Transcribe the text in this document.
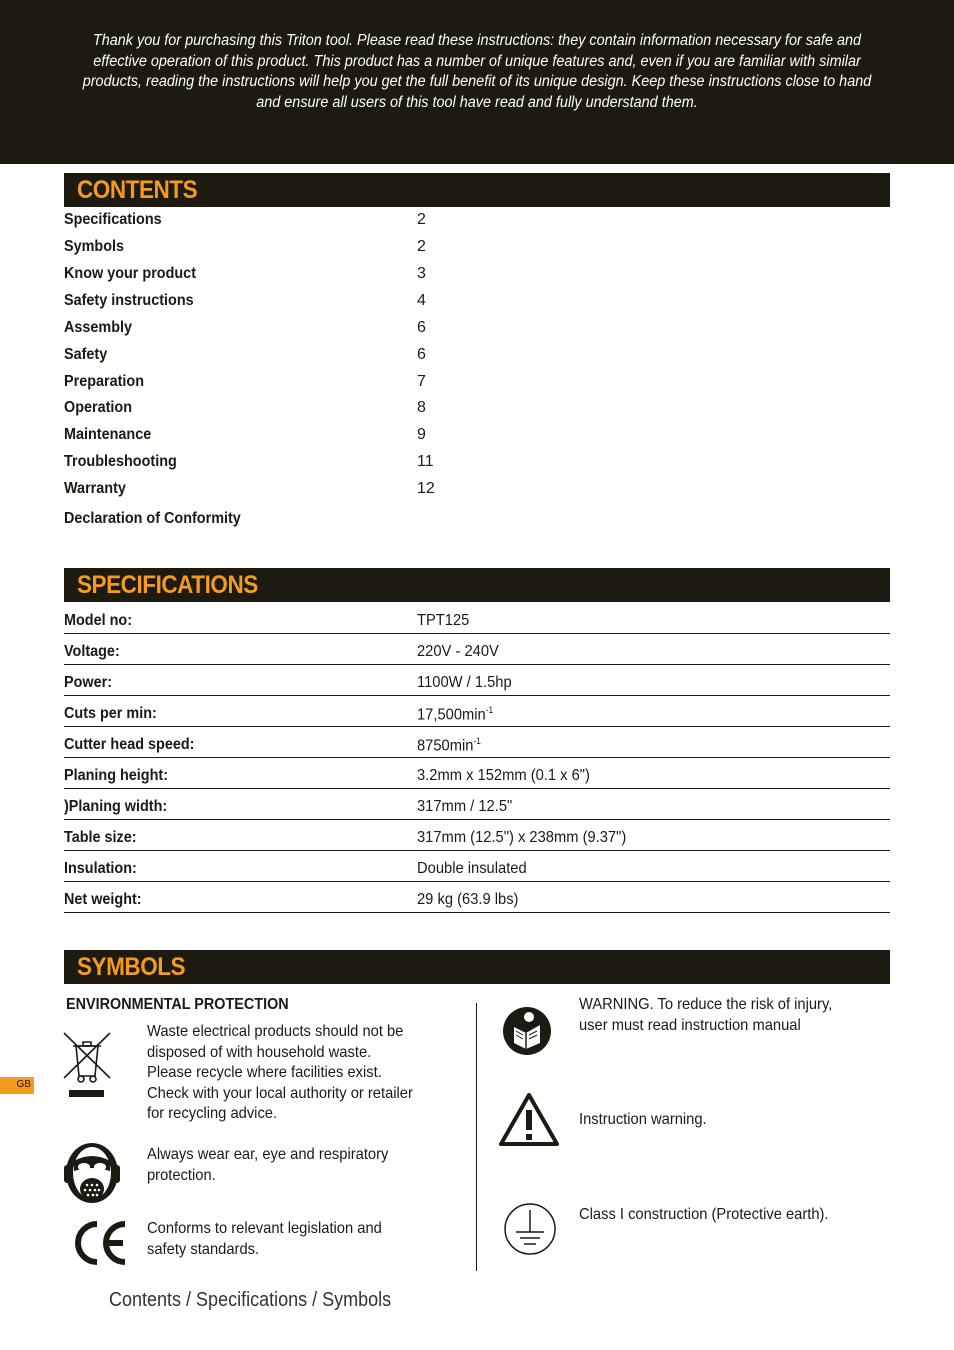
Thank you for purchasing this Triton tool. Please read these instructions: they contain information necessary for safe and effective operation of this product. This product has a number of unique features and, even if you are familiar with similar products, reading the instructions will help you get the full benefit of its unique design. Keep these instructions close to hand and ensure all users of this tool have read and fully understand them.
CONTENTS
Specifications	2
Symbols	2
Know your product	3
Safety instructions	4
Assembly	6
Safety	6
Preparation	7
Operation	8
Maintenance	9
Troubleshooting	11
Warranty	12
Declaration of Conformity
SPECIFICATIONS
Model no:	TPT125
Voltage:	220V - 240V
Power:	1100W / 1.5hp
Cuts per min:	$17,500\min^{-1}$
Cutter head speed:	$8750\min^{-1}$
Planing height:	3.2mm x 152mm (0.1 x 6")
)Planing width:	317mm / 12.5"
Table size:	317mm (12.5") x 238mm (9.37")
Insulation:	Double insulated
Net weight:	29 kg (63.9 lbs)
SYMBOLS
ENVIRONMENTAL PROTECTION
Waste electrical products should not be disposed of with household waste. Please recycle where facilities exist. Check with your local authority or retailer for recycling advice.
Always wear ear, eye and respiratory protection.
Conforms to relevant legislation and safety standards.
WARNING. To reduce the risk of injury, user must read instruction manual
Instruction warning.
Class I construction (Protective earth).
GB
Contents / Specifications / Symbols
